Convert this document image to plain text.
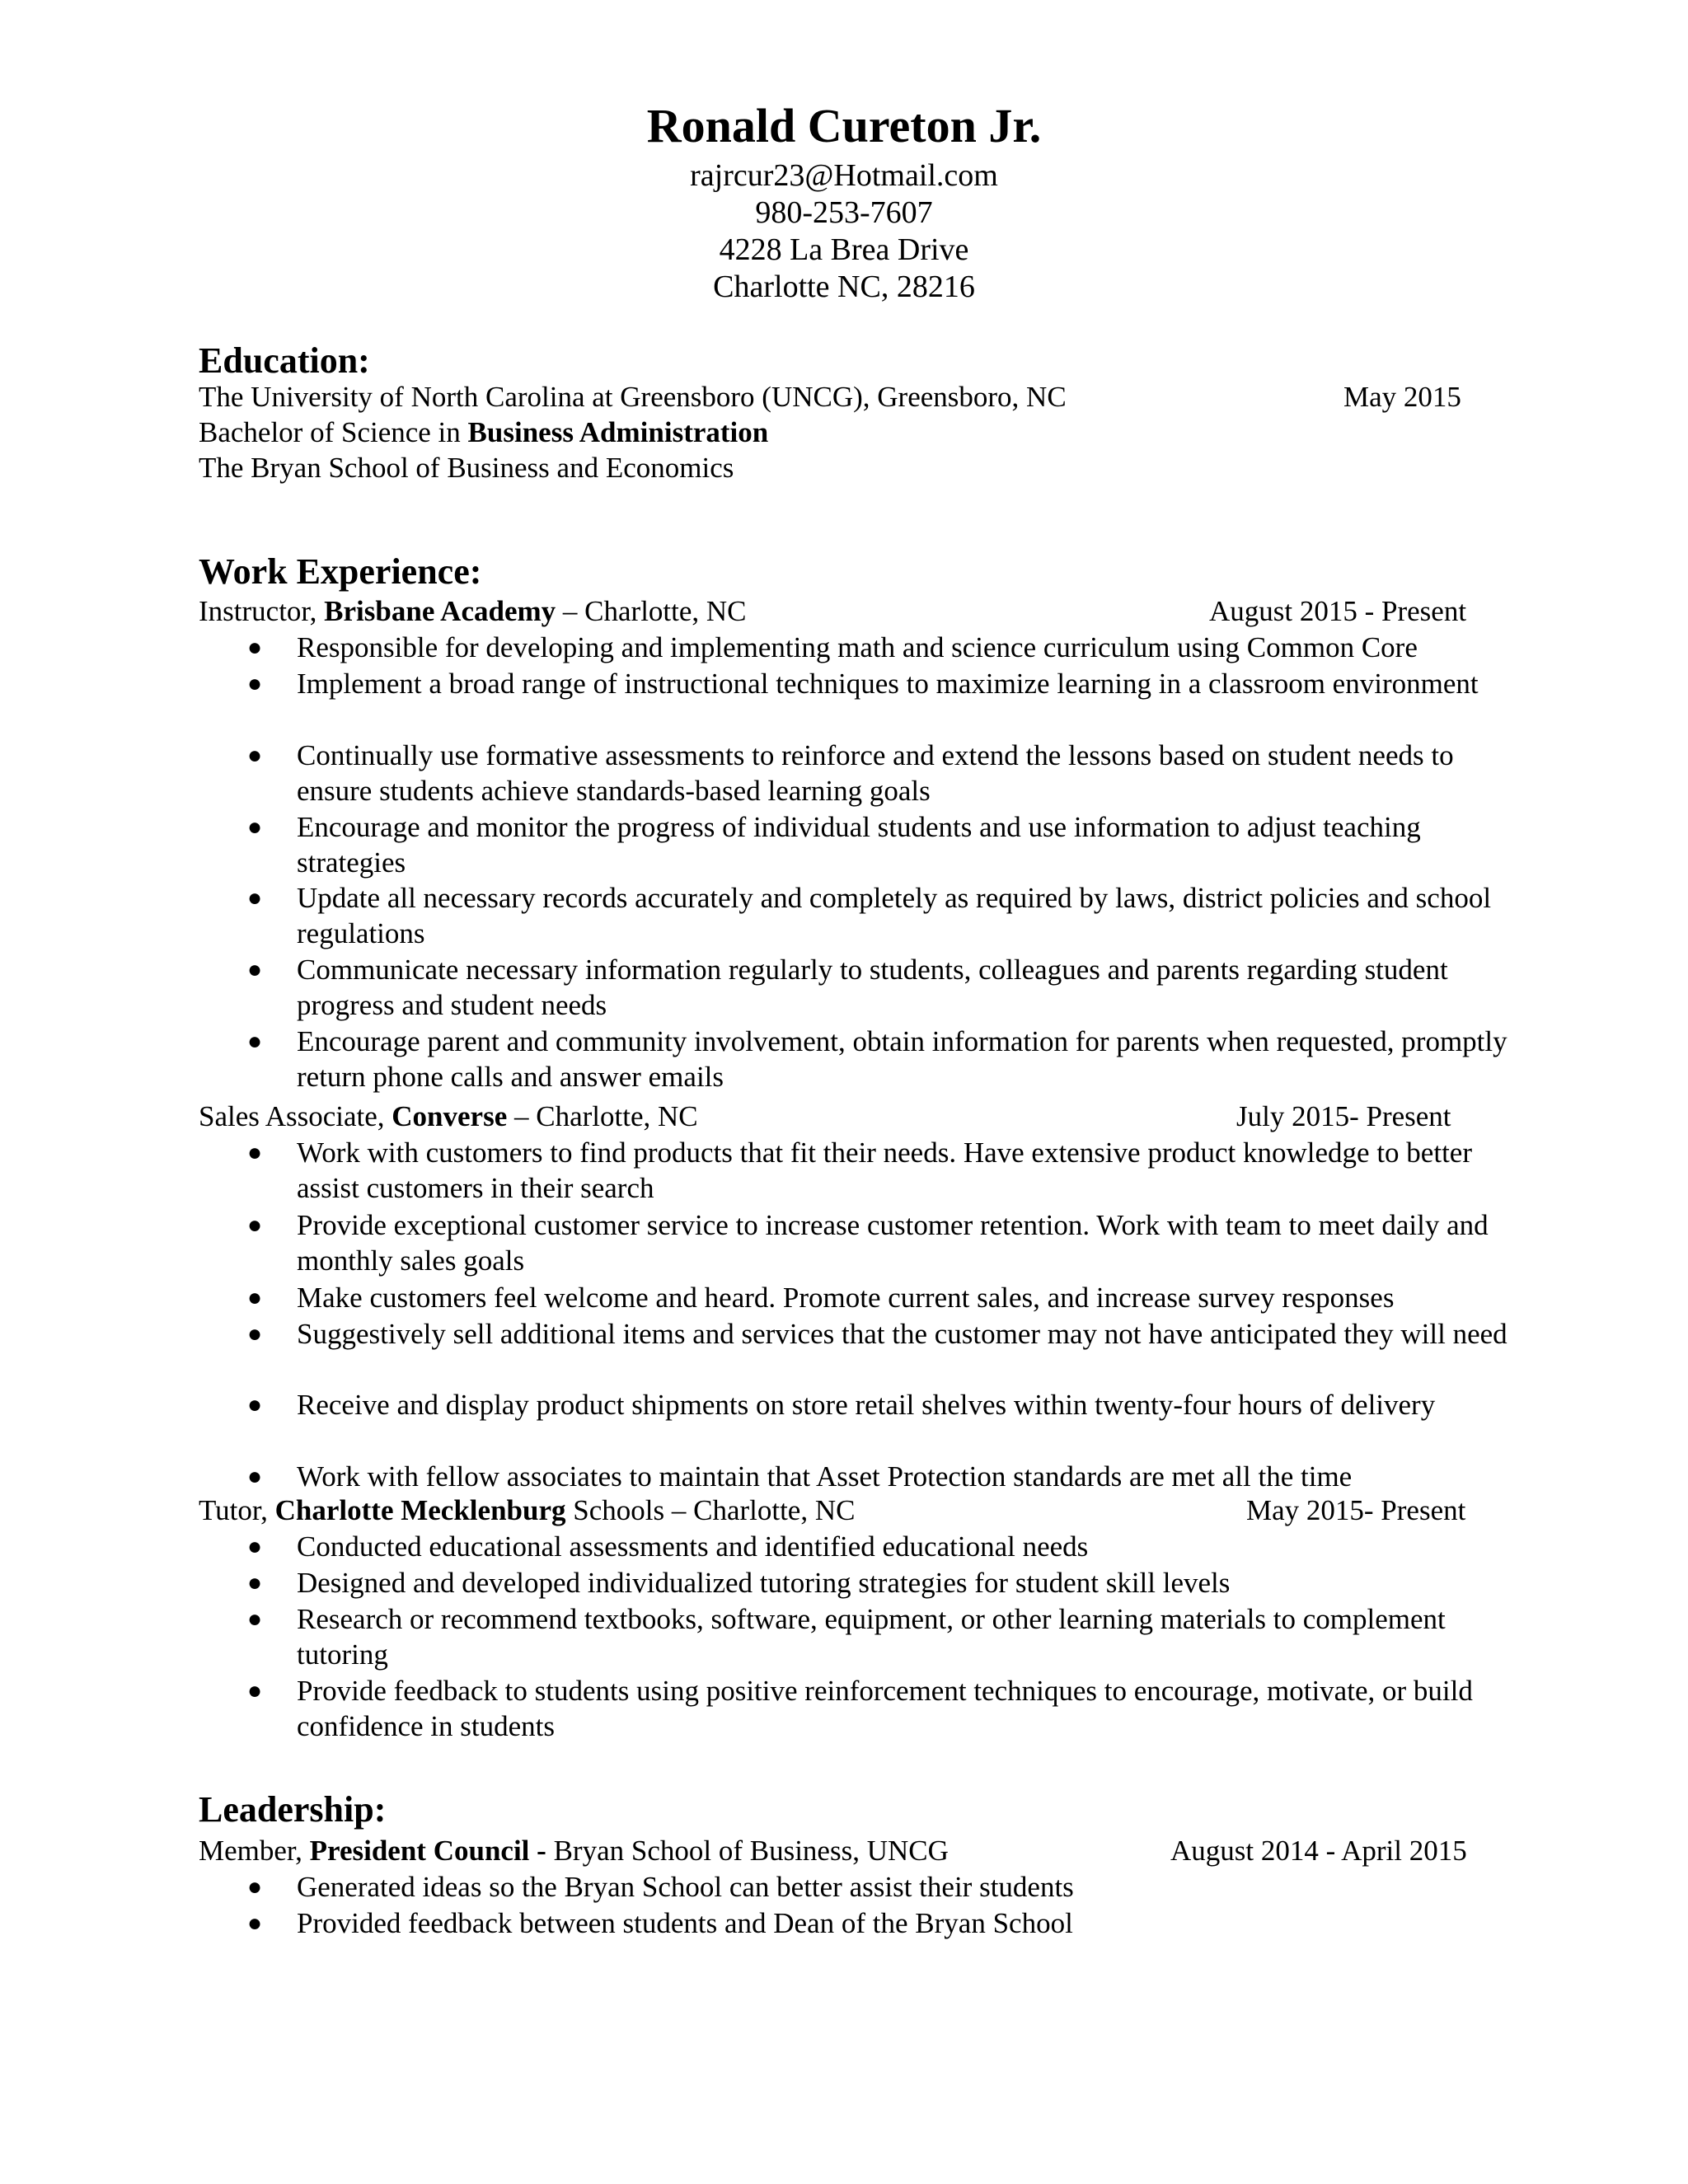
Ronald Cureton Jr.
rajrcur23@Hotmail.com
980-253-7607
4228 La Brea Drive
Charlotte NC, 28216
Education:
The University of North Carolina at Greensboro (UNCG), Greensboro, NC	May 2015
Bachelor of Science in Business Administration
The Bryan School of Business and Economics
Work Experience:
Instructor, Brisbane Academy – Charlotte, NC	August 2015 - Present
● Responsible for developing and implementing math and science curriculum using Common Core
● Implement a broad range of instructional techniques to maximize learning in a classroom environment
● Continually use formative assessments to reinforce and extend the lessons based on student needs to ensure students achieve standards-based learning goals
● Encourage and monitor the progress of individual students and use information to adjust teaching strategies
● Update all necessary records accurately and completely as required by laws, district policies and school regulations
● Communicate necessary information regularly to students, colleagues and parents regarding student progress and student needs
● Encourage parent and community involvement, obtain information for parents when requested, promptly return phone calls and answer emails
Sales Associate, Converse – Charlotte, NC	July 2015- Present
● Work with customers to find products that fit their needs. Have extensive product knowledge to better assist customers in their search
● Provide exceptional customer service to increase customer retention. Work with team to meet daily and monthly sales goals
● Make customers feel welcome and heard. Promote current sales, and increase survey responses
● Suggestively sell additional items and services that the customer may not have anticipated they will need
● Receive and display product shipments on store retail shelves within twenty-four hours of delivery
● Work with fellow associates to maintain that Asset Protection standards are met all the time
Tutor, Charlotte Mecklenburg Schools – Charlotte, NC	May 2015- Present
● Conducted educational assessments and identified educational needs
● Designed and developed individualized tutoring strategies for student skill levels
● Research or recommend textbooks, software, equipment, or other learning materials to complement tutoring
● Provide feedback to students using positive reinforcement techniques to encourage, motivate, or build confidence in students
Leadership:
Member, President Council - Bryan School of Business, UNCG	August 2014 - April 2015
● Generated ideas so the Bryan School can better assist their students
● Provided feedback between students and Dean of the Bryan School
